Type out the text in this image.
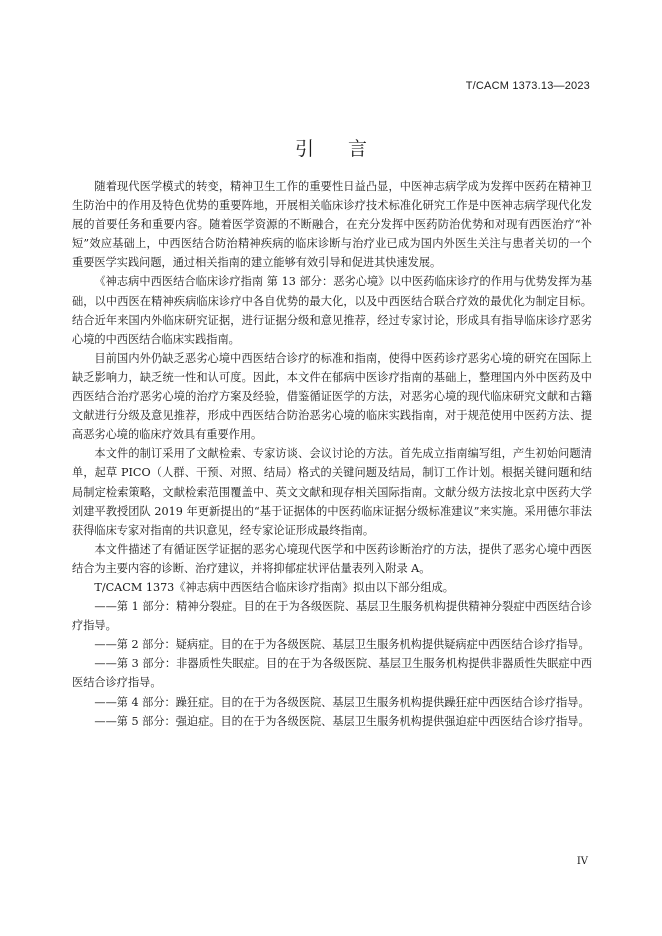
T/CACM 1373.13—2023
引 言

随着现代医学模式的转变，精神卫生工作的重要性日益凸显，中医神志病学成为发挥中医药在精神卫生防治中的作用及特色优势的重要阵地，开展相关临床诊疗技术标准化研究工作是中医神志病学现代化发展的首要任务和重要内容。随着医学资源的不断融合，在充分发挥中医药防治优势和对现有西医治疗“补短”效应基础上，中西医结合防治精神疾病的临床诊断与治疗业已成为国内外医生关注与患者关切的一个重要医学实践问题，通过相关指南的建立能够有效引导和促进其快速发展。

《神志病中西医结合临床诊疗指南 第 13 部分：恶劣心境》以中医药临床诊疗的作用与优势发挥为基础，以中西医在精神疾病临床诊疗中各自优势的最大化，以及中西医结合联合疗效的最优化为制定目标。结合近年来国内外临床研究证据，进行证据分级和意见推荐，经过专家讨论，形成具有指导临床诊疗恶劣心境的中西医结合临床实践指南。

目前国内外仍缺乏恶劣心境中西医结合诊疗的标准和指南，使得中医药诊疗恶劣心境的研究在国际上缺乏影响力，缺乏统一性和认可度。因此，本文件在郁病中医诊疗指南的基础上，整理国内外中医药及中西医结合治疗恶劣心境的治疗方案及经验，借鉴循证医学的方法，对恶劣心境的现代临床研究文献和古籍文献进行分级及意见推荐，形成中西医结合防治恶劣心境的临床实践指南，对于规范使用中医药方法、提高恶劣心境的临床疗效具有重要作用。

本文件的制订采用了文献检索、专家访谈、会议讨论的方法。首先成立指南编写组，产生初始问题清单，起草 PICO（人群、干预、对照、结局）格式的关键问题及结局，制订工作计划。根据关键问题和结局制定检索策略，文献检索范围覆盖中、英文文献和现存相关国际指南。文献分级方法按北京中医药大学刘建平教授团队 2019 年更新提出的“基于证据体的中医药临床证据分级标准建议”来实施。采用德尔菲法获得临床专家对指南的共识意见，经专家论证形成最终指南。

本文件描述了有循证医学证据的恶劣心境现代医学和中医药诊断治疗的方法，提供了恶劣心境中西医结合为主要内容的诊断、治疗建议，并将抑郁症状评估量表列入附录 A。

T/CACM 1373《神志病中西医结合临床诊疗指南》拟由以下部分组成。

——第 1 部分：精神分裂症。目的在于为各级医院、基层卫生服务机构提供精神分裂症中西医结合诊疗指导。

——第 2 部分：疑病症。目的在于为各级医院、基层卫生服务机构提供疑病症中西医结合诊疗指导。

——第 3 部分：非器质性失眠症。目的在于为各级医院、基层卫生服务机构提供非器质性失眠症中西医结合诊疗指导。

——第 4 部分：躁狂症。目的在于为各级医院、基层卫生服务机构提供躁狂症中西医结合诊疗指导。

——第 5 部分：强迫症。目的在于为各级医院、基层卫生服务机构提供强迫症中西医结合诊疗指导。

IV
